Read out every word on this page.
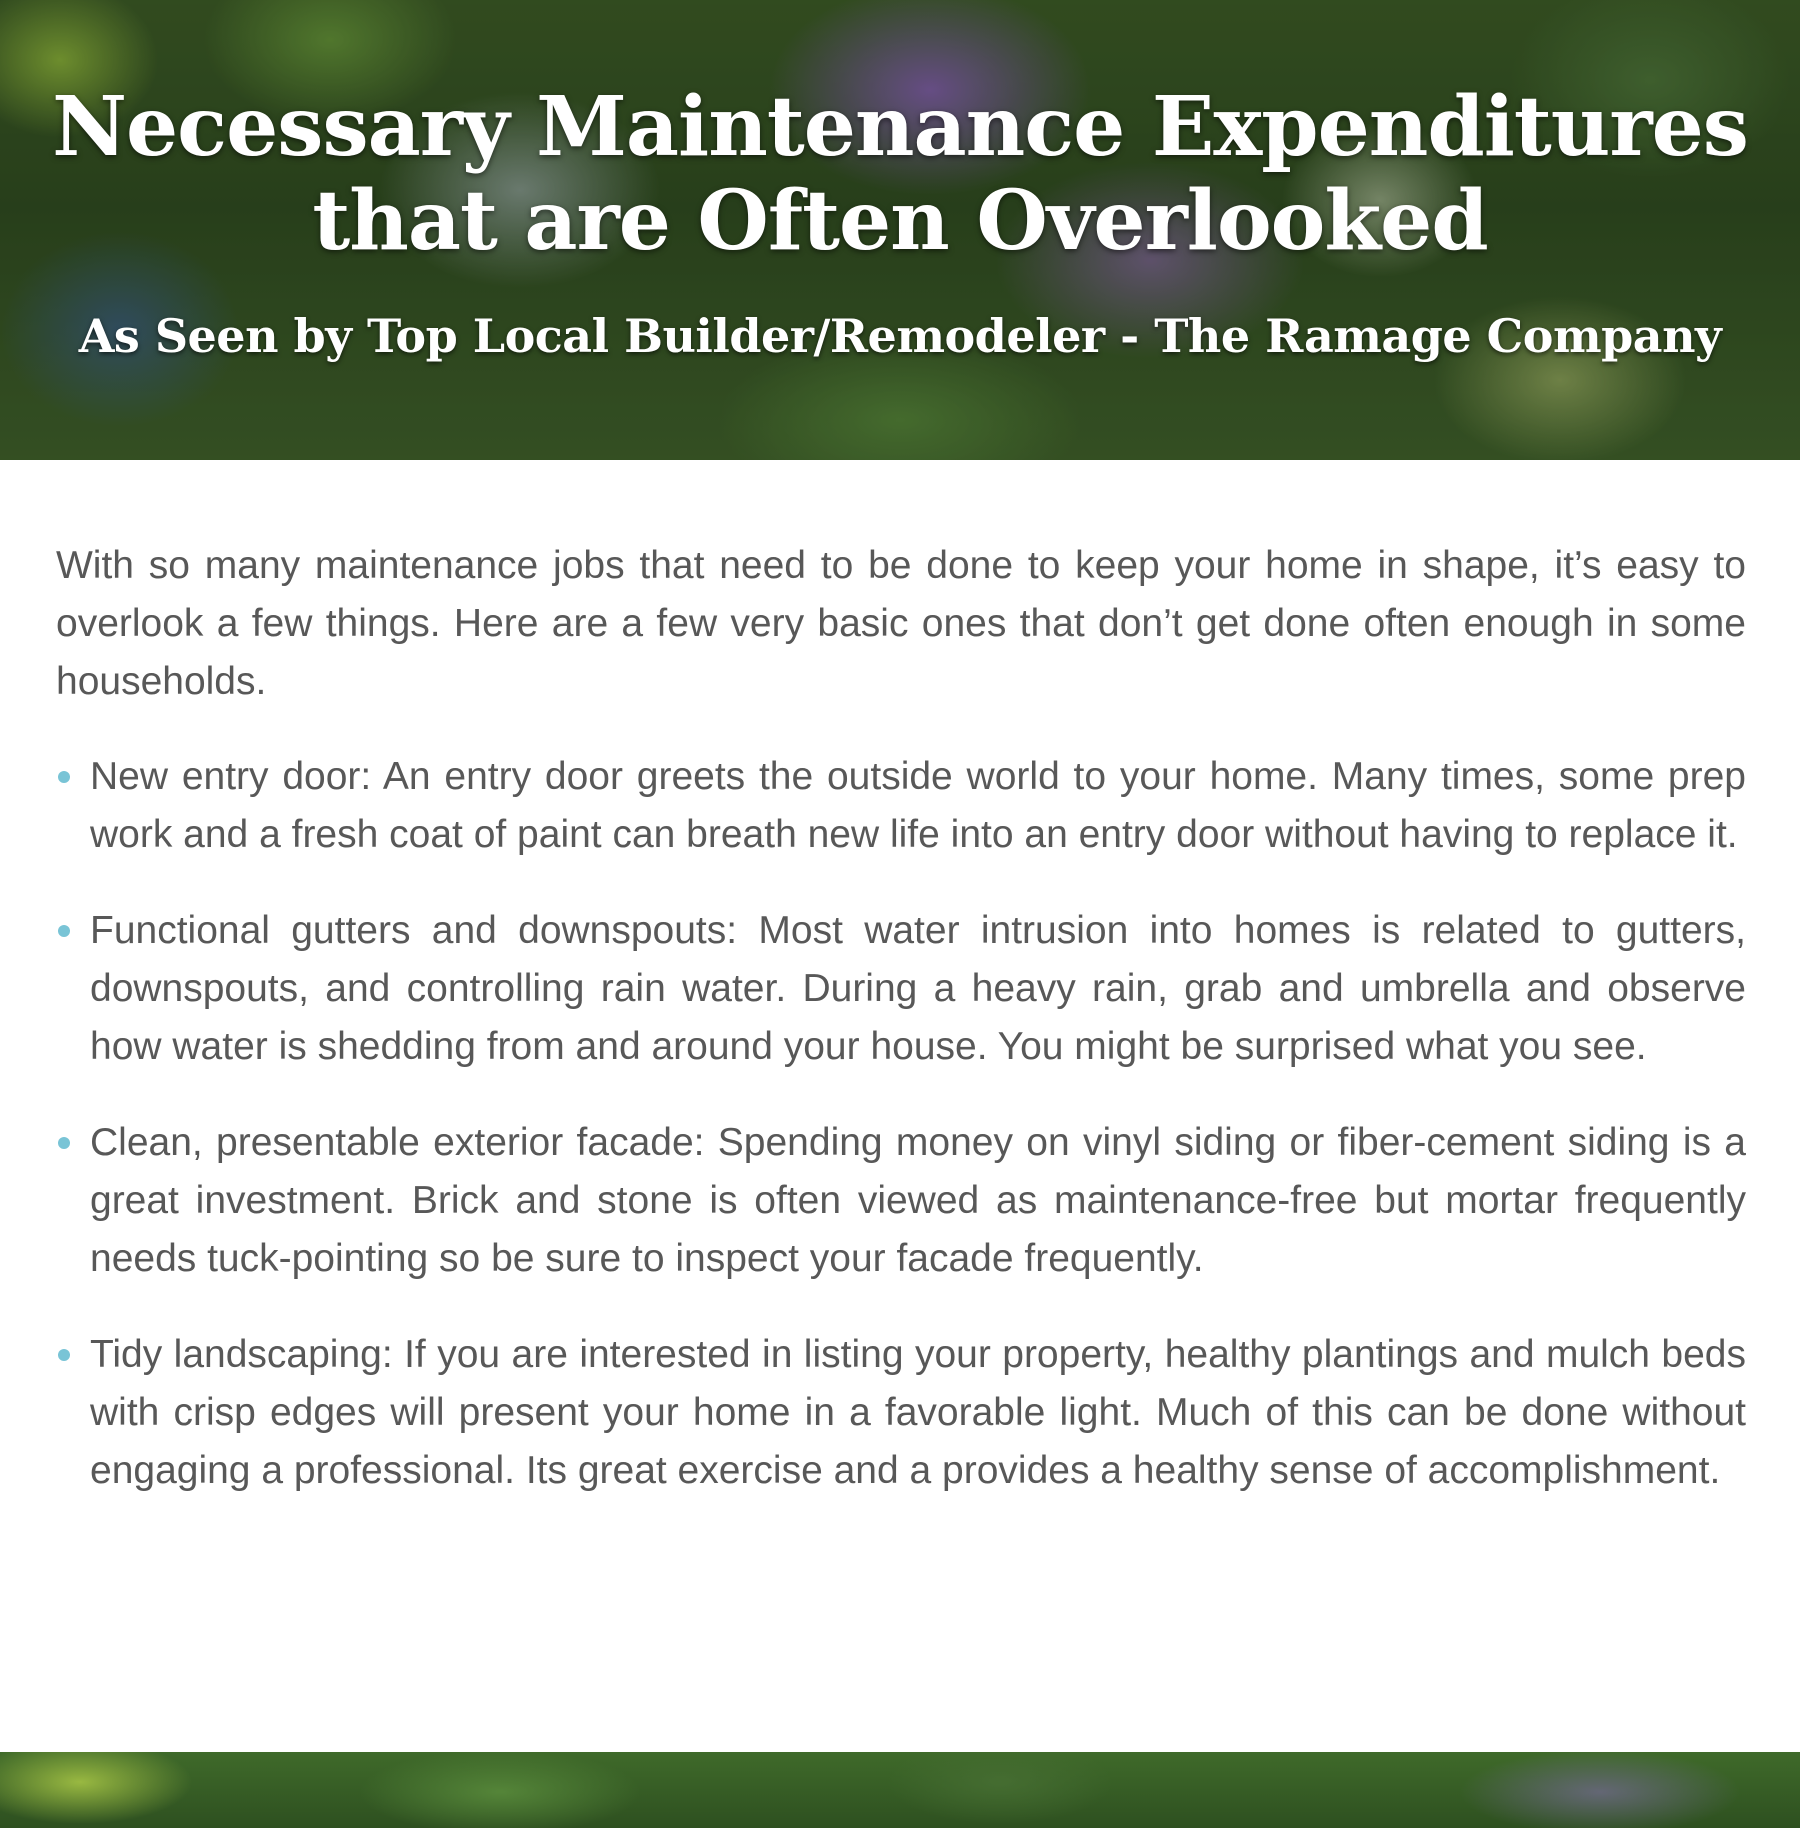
Necessary Maintenance Expenditures
that are Often Overlooked

As Seen by Top Local Builder/Remodeler - The Ramage Company

With so many maintenance jobs that need to be done to keep your home in shape, it’s easy to overlook a few things. Here are a few very basic ones that don’t get done often enough in some households.

New entry door: An entry door greets the outside world to your home. Many times, some prep work and a fresh coat of paint can breath new life into an entry door without having to replace it.
Functional gutters and downspouts: Most water intrusion into homes is related to gutters, downspouts, and controlling rain water. During a heavy rain, grab and umbrella and observe how water is shedding from and around your house. You might be surprised what you see.
Clean, presentable exterior facade: Spending money on vinyl siding or fiber-cement siding is a great investment. Brick and stone is often viewed as maintenance-free but mortar frequently needs tuck-pointing so be sure to inspect your facade frequently.
Tidy landscaping: If you are interested in listing your property, healthy plantings and mulch beds with crisp edges will present your home in a favorable light. Much of this can be done without engaging a professional. Its great exercise and a provides a healthy sense of accomplishment.
